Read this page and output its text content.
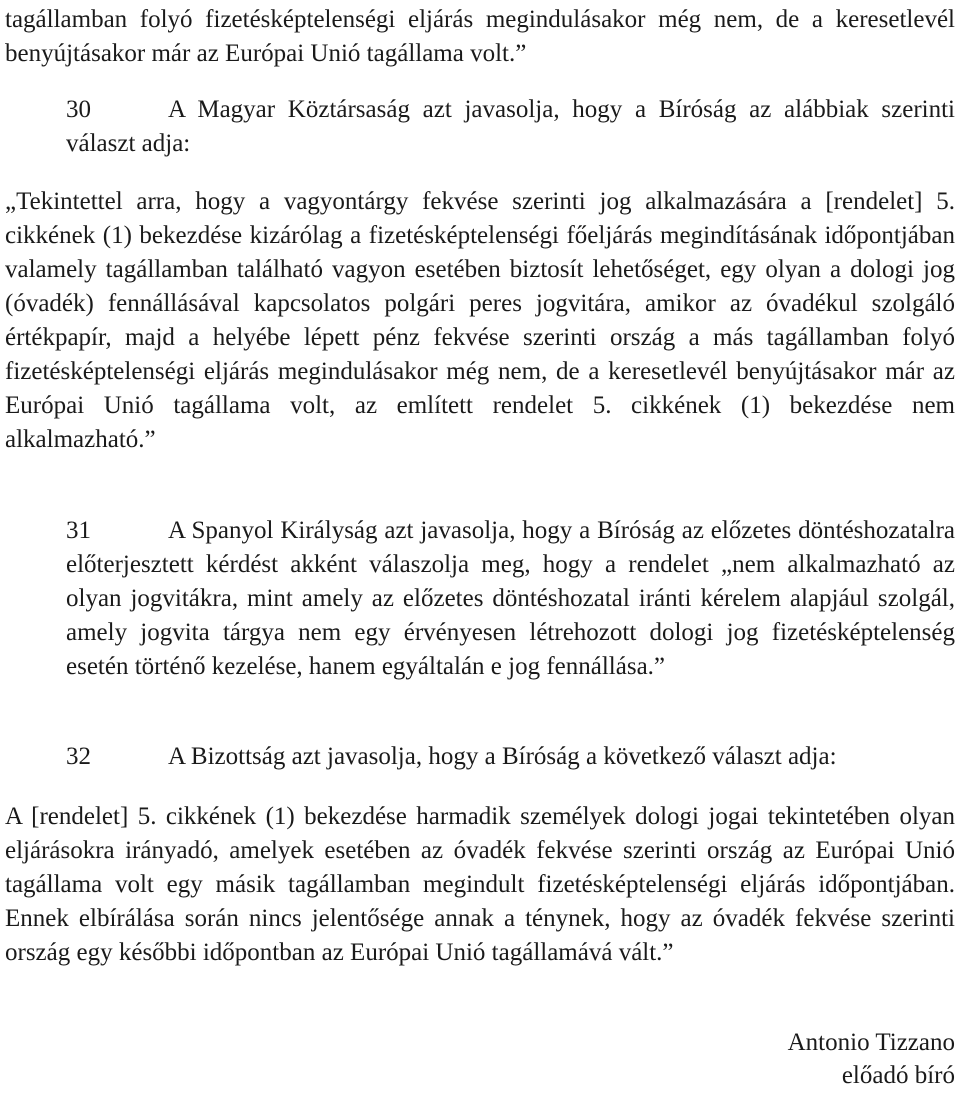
tagállamban folyó fizetésképtelenségi eljárás megindulásakor még nem, de a keresetlevél benyújtásakor már az Európai Unió tagállama volt.”

30	A Magyar Köztársaság azt javasolja, hogy a Bíróság az alábbiak szerinti választ adja:

„Tekintettel arra, hogy a vagyontárgy fekvése szerinti jog alkalmazására a [rendelet] 5. cikkének (1) bekezdése kizárólag a fizetésképtelenségi főeljárás megindításának időpontjában valamely tagállamban található vagyon esetében biztosít lehetőséget, egy olyan a dologi jog (óvadék) fennállásával kapcsolatos polgári peres jogvitára, amikor az óvadékul szolgáló értékpapír, majd a helyébe lépett pénz fekvése szerinti ország a más tagállamban folyó fizetésképtelenségi eljárás megindulásakor még nem, de a keresetlevél benyújtásakor már az Európai Unió tagállama volt, az említett rendelet 5. cikkének (1) bekezdése nem alkalmazható.”

31	A Spanyol Királyság azt javasolja, hogy a Bíróság az előzetes döntéshozatalra előterjesztett kérdést akként válaszolja meg, hogy a rendelet „nem alkalmazható az olyan jogvitákra, mint amely az előzetes döntéshozatal iránti kérelem alapjául szolgál, amely jogvita tárgya nem egy érvényesen létrehozott dologi jog fizetésképtelenség esetén történő kezelése, hanem egyáltalán e jog fennállása.”

32	A Bizottság azt javasolja, hogy a Bíróság a következő választ adja:

A [rendelet] 5. cikkének (1) bekezdése harmadik személyek dologi jogai tekintetében olyan eljárásokra irányadó, amelyek esetében az óvadék fekvése szerinti ország az Európai Unió tagállama volt egy másik tagállamban megindult fizetésképtelenségi eljárás időpontjában. Ennek elbírálása során nincs jelentősége annak a ténynek, hogy az óvadék fekvése szerinti ország egy későbbi időpontban az Európai Unió tagállamává vált.”

Antonio Tizzano

előadó bíró
